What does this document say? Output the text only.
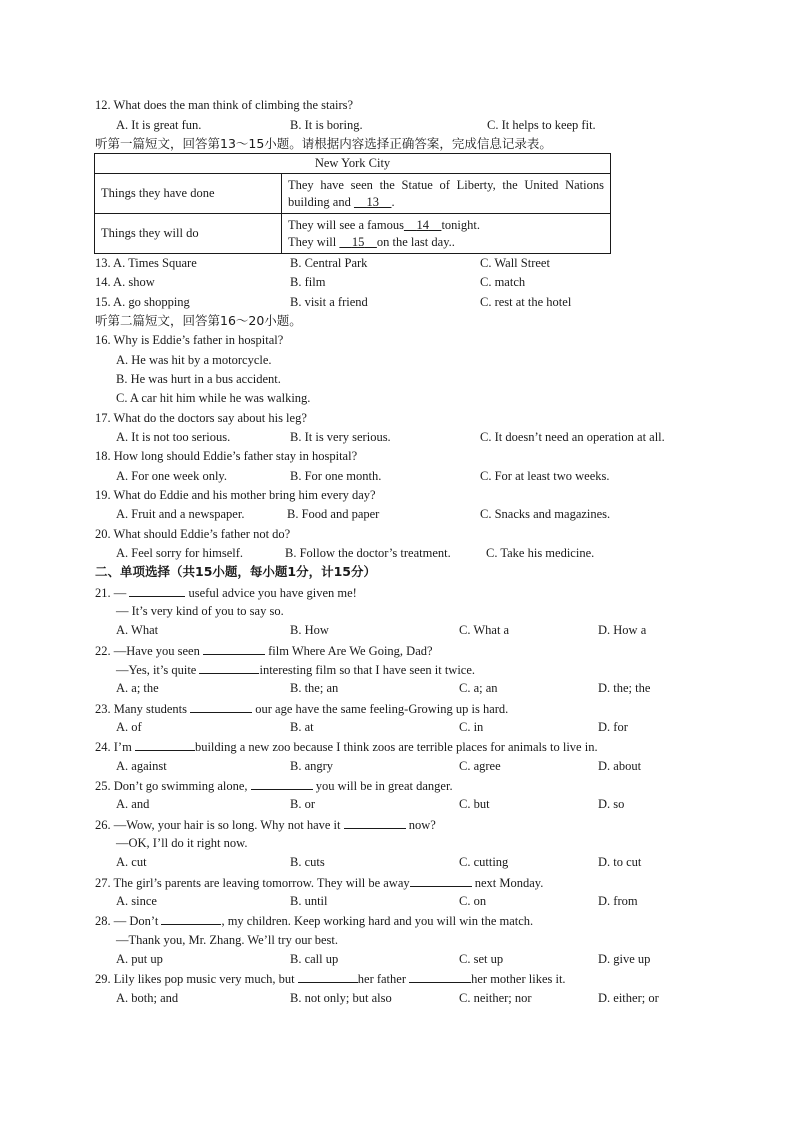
12. What does the man think of climbing the stairs?
A. It is great fun.	B. It is boring.	C. It helps to keep fit.
听第一篇短文，回答第13～15小题。请根据内容选择正确答案，完成信息记录表。
New York City	
Things they have done	They have seen the Statue of Liberty, the United Nations building and 13 .
Things they will do	They will see a famous 14 tonight.
They will 15 on the last day..
13. A. Times Square	B. Central Park	C. Wall Street
14. A. show	B. film	C. match
15. A. go shopping	B. visit a friend	C. rest at the hotel
听第二篇短文，回答第16～20小题。
16. Why is Eddie’s father in hospital?
A. He was hit by a motorcycle.
B. He was hurt in a bus accident.
C. A car hit him while he was walking.
17. What do the doctors say about his leg?
A. It is not too serious.	B. It is very serious.	C. It doesn’t need an operation at all.
18. How long should Eddie’s father stay in hospital?
A. For one week only.	B. For one month.	C. For at least two weeks.
19. What do Eddie and his mother bring him every day?
A. Fruit and a newspaper.	B. Food and paper	C. Snacks and magazines.
20. What should Eddie’s father not do?
A. Feel sorry for himself.	B. Follow the doctor’s treatment.	C. Take his medicine.
二、单项选择（共15小题，每小题1分，计15分）
21. —	useful advice you have given me!
— It’s very kind of you to say so.
A. What	B. How	C. What a	D. How a
22. —Have you seen	film Where Are We Going, Dad?
—Yes, it’s quite	interesting film so that I have seen it twice.
A. a; the	B. the; an	C. a; an	D. the; the
23. Many students	our age have the same feeling-Growing up is hard.
A. of	B. at	C. in	D. for
24. I’m	building a new zoo because I think zoos are terrible places for animals to live in.
A. against	B. angry	C. agree	D. about
25. Don’t go swimming alone,	you will be in great danger.
A. and	B. or	C. but	D. so
26. —Wow, your hair is so long. Why not have it	now?
—OK, I’ll do it right now.
A. cut	B. cuts	C. cutting	D. to cut
27. The girl’s parents are leaving tomorrow. They will be away	next Monday.
A. since	B. until	C. on	D. from
28. — Don’t	, my children. Keep working hard and you will win the match.
—Thank you, Mr. Zhang. We’ll try our best.
A. put up	B. call up	C. set up	D. give up
29. Lily likes pop music very much, but	her father	her mother likes it.
A. both; and	B. not only; but also	C. neither; nor	D. either; or
